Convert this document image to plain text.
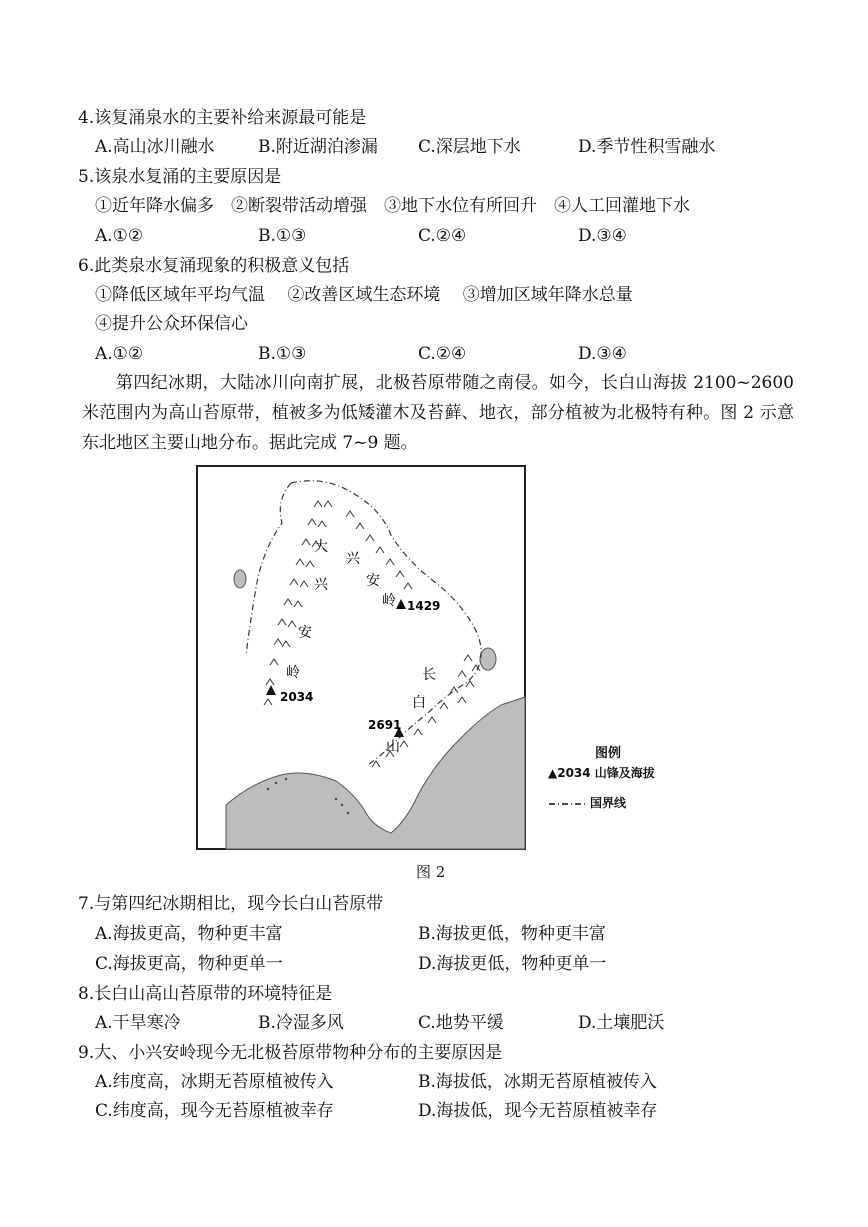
4.该复涌泉水的主要补给来源最可能是
A.高山冰川融水	B.附近湖泊渗漏 C.深层地下水	D.季节性积雪融水
5.该泉水复涌的主要原因是
①近年降水偏多　②断裂带活动增强　③地下水位有所回升　④人工回灌地下水
A.①②	B.①③	C.②④	D.③④
6.此类泉水复涌现象的积极意义包括
①降低区域年平均气温　 ②改善区域生态环境　 ③增加区域年降水总量
④提升公众环保信心
A.①②	B.①③	C.②④	D.③④
第四纪冰期，大陆冰川向南扩展，北极苔原带随之南侵。如今，长白山海拔 2100~2600米范围内为高山苔原带，植被多为低矮灌木及苔藓、地衣，部分植被为北极特有种。图 2 示意东北地区主要山地分布。据此完成 7~9 题。
大
兴
安
岭
兴
安
岭
长
白
山
1429
2034
2691
图例
▲2034 山锋及海拔
国界线
图 2
7.与第四纪冰期相比，现今长白山苔原带
A.海拔更高，物种更丰富	B.海拔更低，物种更丰富
C.海拔更高，物种更单一	D.海拔更低，物种更单一
8.长白山高山苔原带的环境特征是
A.干旱寒冷	B.冷湿多风	C.地势平缓	D.土壤肥沃
9.大、小兴安岭现今无北极苔原带物种分布的主要原因是
A.纬度高，冰期无苔原植被传入	B.海拔低，冰期无苔原植被传入
C.纬度高，现今无苔原植被幸存	D.海拔低，现今无苔原植被幸存
